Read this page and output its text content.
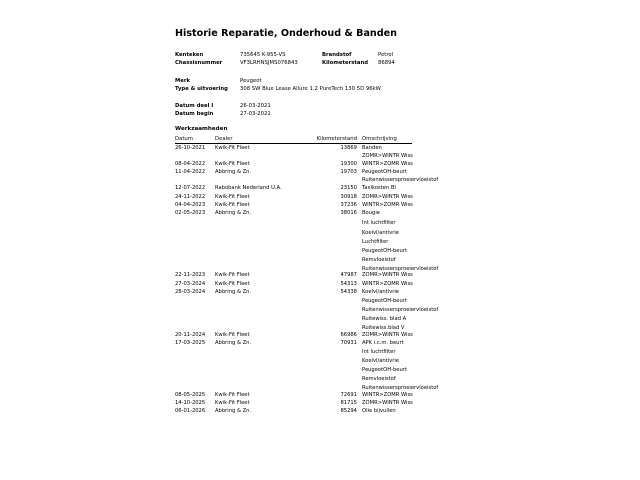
Historie Reparatie, Onderhoud & Banden
Kenteken	735645 K-955-VS	Brandstof	Petrol
Chassisnummer	VF3LRHNSJMS076843	Kilometerstand 86894
Merk	Peugeot
Type & uitvoering 308 SW Blue Lease Allure 1.2 PureTech 130 5D 96kW
Datum deel I	26-03-2021
Datum begin	27-03-2021
Werkzaamheden
Datum	Dealer	Kilometerstand Omschrijving
26-10-2021 Kwik-Fit Fleet	13869 Banden
ZOMR>WINTR Wiss
08-04-2022 Kwik-Fit Fleet	19300 WINTR>ZOMR Wiss
11-04-2022 Abbring & Zn.	19703 PeugeotOH-beurt
Ruitenwissersproeiervloeistof
12-07-2022 Rabobank Nederland U.A.	23150 Taxikosten BI
24-11-2022 Kwik-Fit Fleet	30918 ZOMR>WINTR Wiss
04-04-2023 Kwik-Fit Fleet	37236 WINTR>ZOMR Wiss
02-05-2023 Abbring & Zn.	38016 Bougie
Int luchtfilter
Koelvl/antivrie
Luchtfilter
PeugeotOH-beurt
Remvloeistof
Ruitenwissersproeiervloeistof
22-11-2023 Kwik-Fit Fleet	47987 ZOMR>WINTR Wiss
27-03-2024 Kwik-Fit Fleet	54313 WINTR>ZOMR Wiss
28-03-2024 Abbring & Zn.	54338 Koelvl/antivrie
PeugeotOH-beurt
Ruitenwissersproeiervloeistof
Ruitewiss. blad A
Ruitewiss.blad V
20-11-2024 Kwik-Fit Fleet	66986 ZOMR>WINTR Wiss
17-03-2025 Abbring & Zn.	70931 APK i.c.m. beurt
Int luchtfilter
Koelvl/antivrie
PeugeotOH-beurt
Remvloeistof
Ruitenwissersproeiervloeistof
08-05-2025 Kwik-Fit Fleet	72691 WINTR>ZOMR Wiss
14-10-2025 Kwik-Fit Fleet	81715 ZOMR>WINTR Wiss
06-01-2026 Abbring & Zn.	85294 Olie bijvullen
